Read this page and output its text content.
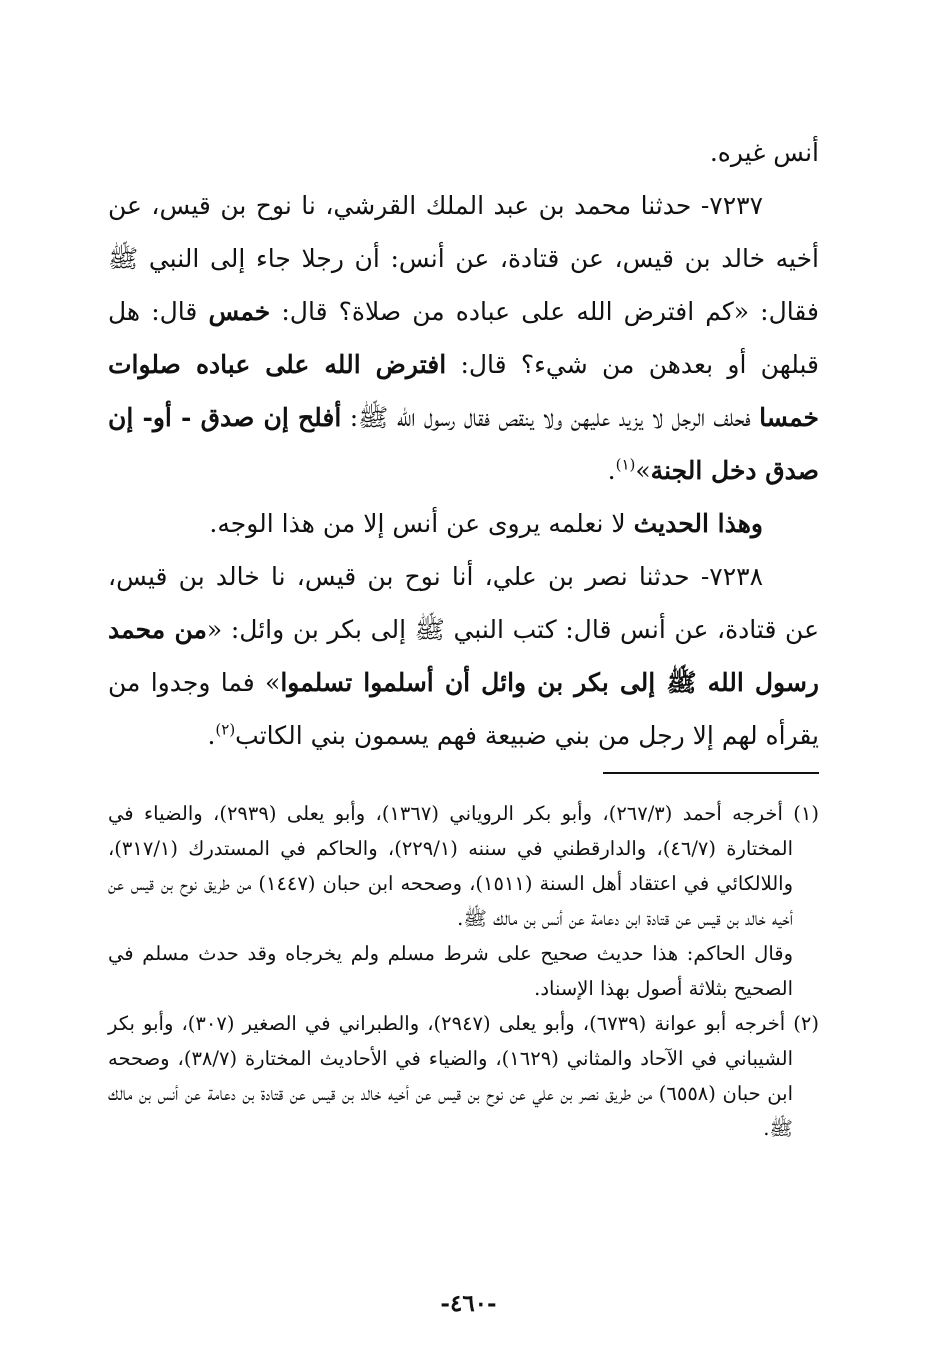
أنس غيره.

٧٢٣٧- حدثنا محمد بن عبد الملك القرشي، نا نوح بن قيس، عن أخيه خالد بن قيس، عن قتادة، عن أنس: أن رجلا جاء إلى النبي ﷺ فقال: «كم افترض الله على عباده من صلاة؟ قال: خمس قال: هل قبلهن أو بعدهن من شيء؟ قال: افترض الله على عباده صلوات خمسا فحلف الرجل لا يزيد عليهن ولا ينقص فقال رسول الله ﷺ: أفلح إن صدق - أو- إن صدق دخل الجنة»$^{(١)}$.

وهذا الحديث لا نعلمه يروى عن أنس إلا من هذا الوجه.

٧٢٣٨- حدثنا نصر بن علي، أنا نوح بن قيس، نا خالد بن قيس، عن قتادة، عن أنس قال: كتب النبي ﷺ إلى بكر بن وائل: «من محمد رسول الله ﷺ إلى بكر بن وائل أن أسلموا تسلموا» فما وجدوا من يقرأه لهم إلا رجل من بني ضبيعة فهم يسمون بني الكاتب$^{(٢)}$.

(١) أخرجه أحمد (٢٦٧/٣)، وأبو بكر الروياني (١٣٦٧)، وأبو يعلى (٢٩٣٩)، والضياء في المختارة (٤٦/٧)، والدارقطني في سننه (٢٢٩/١)، والحاكم في المستدرك (٣١٧/١)، واللالكائي في اعتقاد أهل السنة (١٥١١)، وصححه ابن حبان (١٤٤٧) من طريق نوح بن قيس عن أخيه خالد بن قيس عن قتادة ابن دعامة عن أنس بن مالك ﷺ.

وقال الحاكم: هذا حديث صحيح على شرط مسلم ولم يخرجاه وقد حدث مسلم في الصحيح بثلاثة أصول بهذا الإسناد.

(٢) أخرجه أبو عوانة (٦٧٣٩)، وأبو يعلى (٢٩٤٧)، والطبراني في الصغير (٣٠٧)، وأبو بكر الشيباني في الآحاد والمثاني (١٦٢٩)، والضياء في الأحاديث المختارة (٣٨/٧)، وصححه ابن حبان (٦٥٥٨) من طريق نصر بن علي عن نوح بن قيس عن أخيه خالد بن قيس عن قتادة بن دعامة عن أنس بن مالك ﷺ.

-٤٦٠-
